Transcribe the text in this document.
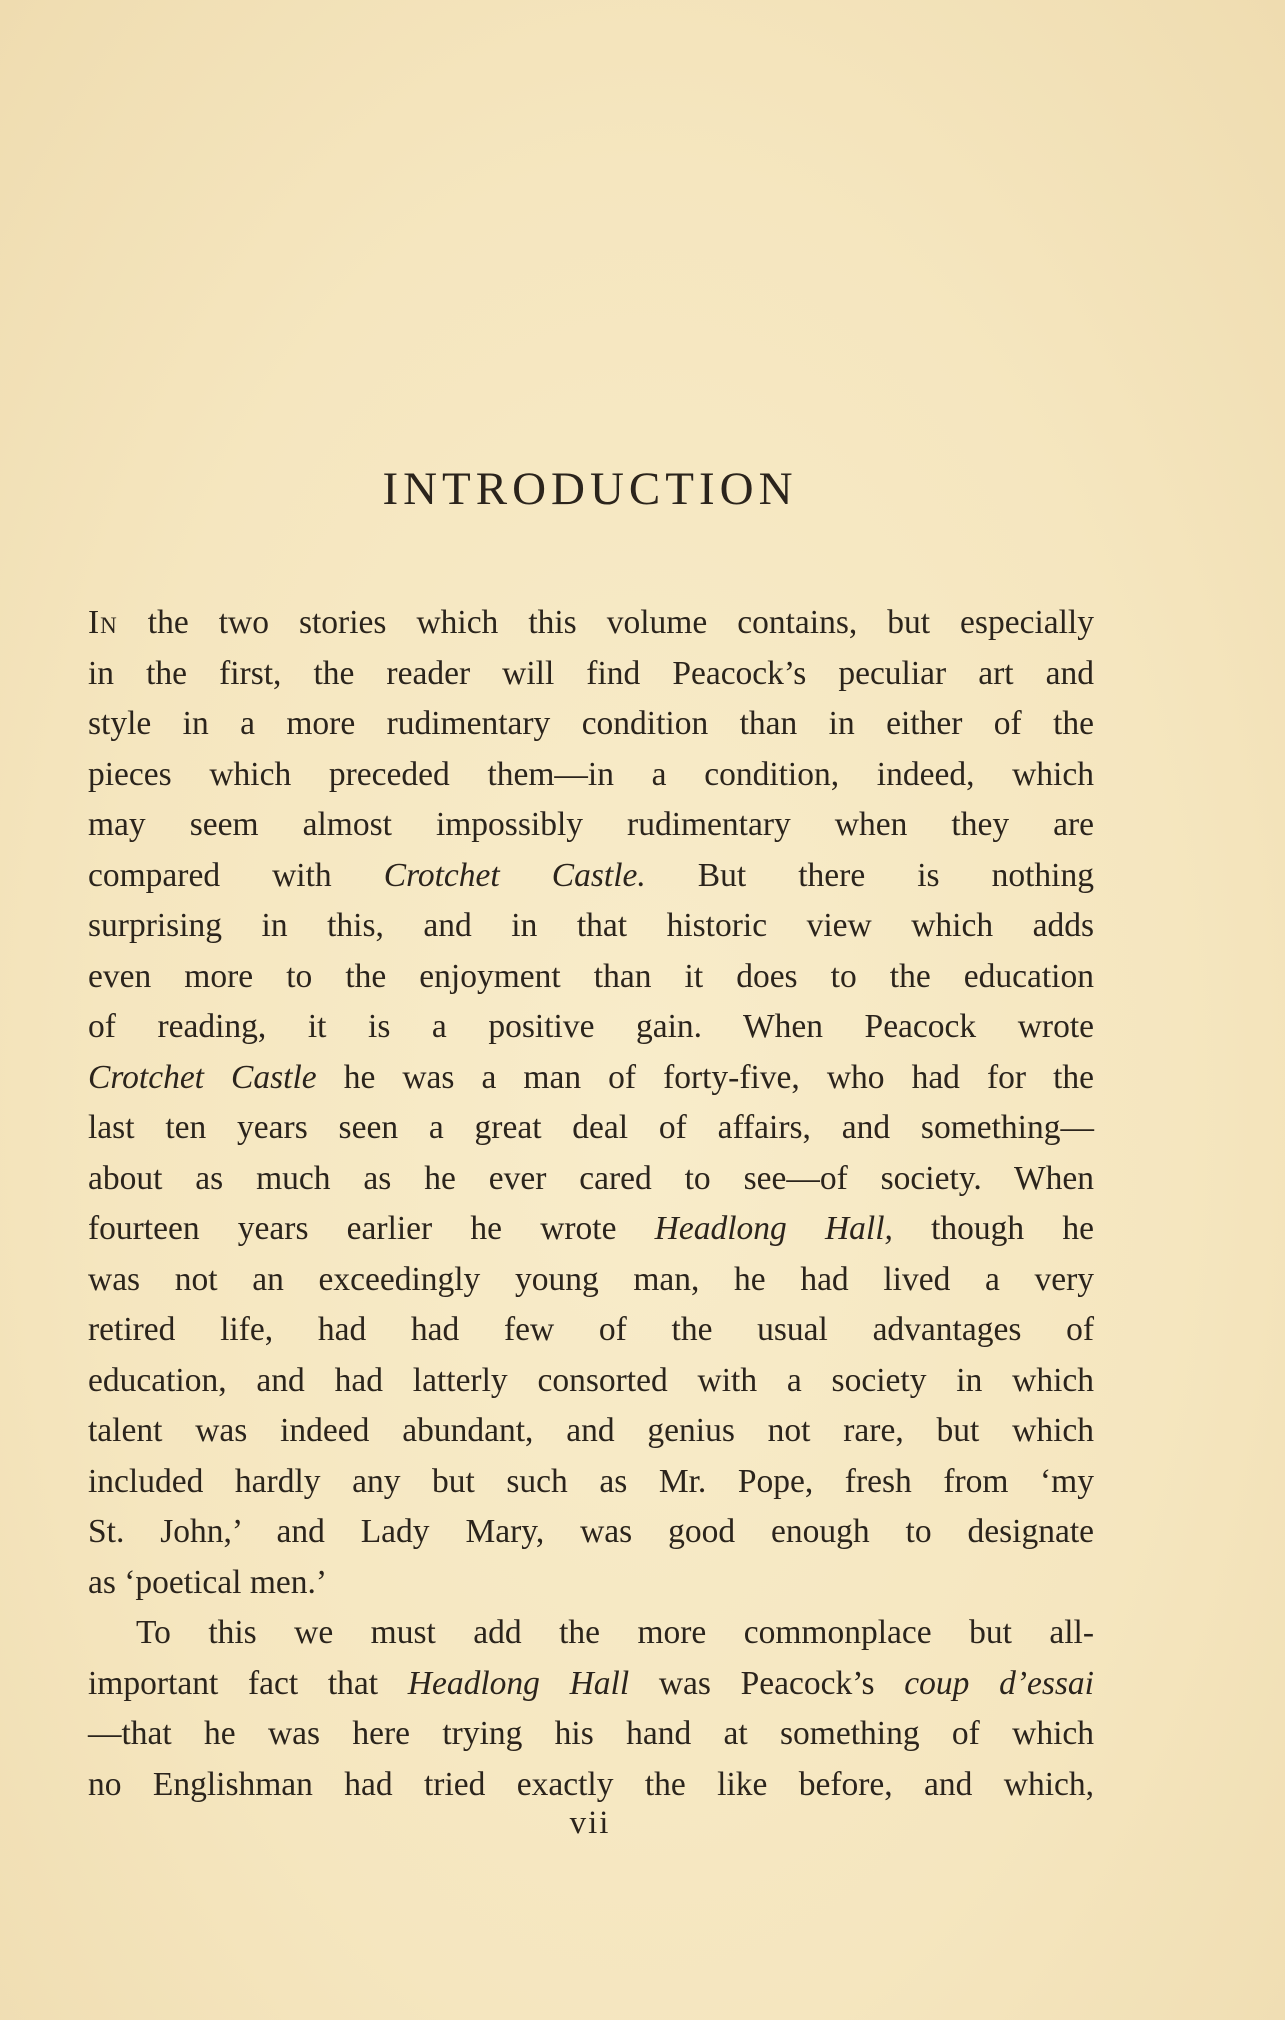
INTRODUCTION
In the two stories which this volume contains, but especially
in the first, the reader will find Peacock’s peculiar art and
style in a more rudimentary condition than in either of the
pieces which preceded them—in a condition, indeed, which
may seem almost impossibly rudimentary when they are
compared with Crotchet Castle. But there is nothing
surprising in this, and in that historic view which adds
even more to the enjoyment than it does to the education
of reading, it is a positive gain. When Peacock wrote
Crotchet Castle he was a man of forty-five, who had for the
last ten years seen a great deal of affairs, and something—
about as much as he ever cared to see—of society. When
fourteen years earlier he wrote Headlong Hall, though he
was not an exceedingly young man, he had lived a very
retired life, had had few of the usual advantages of
education, and had latterly consorted with a society in which
talent was indeed abundant, and genius not rare, but which
included hardly any but such as Mr. Pope, fresh from ‘my
St. John,’ and Lady Mary, was good enough to designate
as ‘poetical men.’
To this we must add the more commonplace but all-
important fact that Headlong Hall was Peacock’s coup d’essai
—that he was here trying his hand at something of which
no Englishman had tried exactly the like before, and which,
vii
